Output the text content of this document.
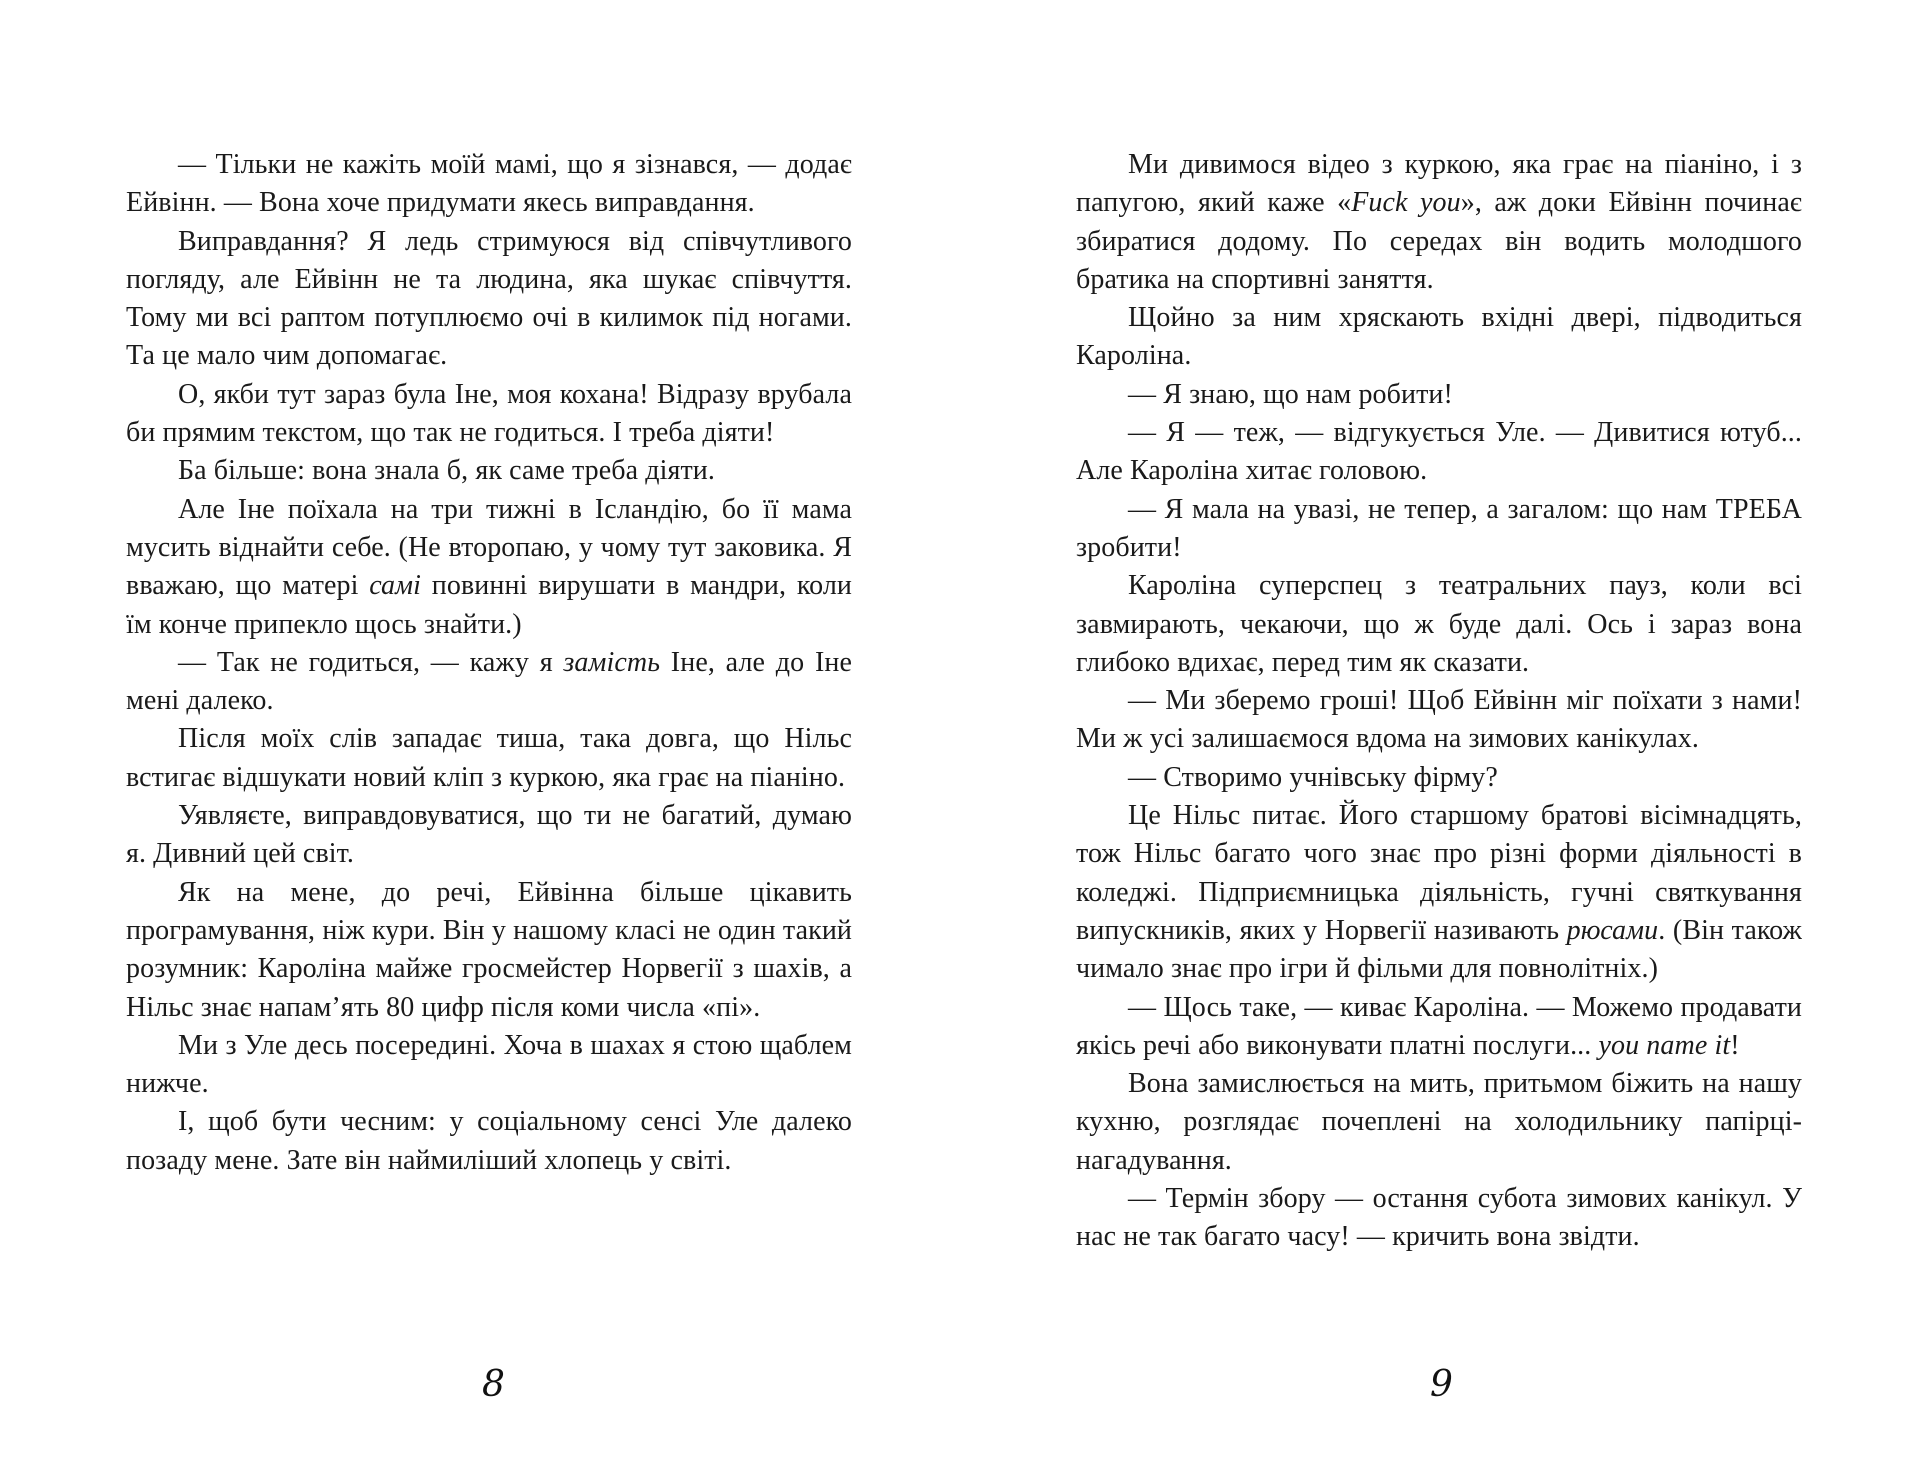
— Тільки не кажіть моїй мамі, що я зізнався, — додає Ейвінн. — Вона хоче придумати якесь виправдання.

Виправдання? Я ледь стримуюся від співчутливого погляду, але Ейвінн не та людина, яка шукає співчуття. Тому ми всі раптом потуплюємо очі в килимок під ногами. Та це мало чим допомагає.

О, якби тут зараз була Іне, моя кохана! Відразу врубала би прямим текстом, що так не годиться. І треба діяти!

Ба більше: вона знала б, як саме треба діяти.

Але Іне поїхала на три тижні в Ісландію, бо її мама мусить віднайти себе. (Не второпаю, у чому тут заковика. Я вважаю, що матері самі повинні вирушати в мандри, коли їм конче припекло щось знайти.)

— Так не годиться, — кажу я замість Іне, але до Іне мені далеко.

Після моїх слів западає тиша, така довга, що Нільс встигає відшукати новий кліп з куркою, яка грає на піаніно.

Уявляєте, виправдовуватися, що ти не багатий, думаю я. Дивний цей світ.

Як на мене, до речі, Ейвінна більше цікавить програмування, ніж кури. Він у нашому класі не один такий розумник: Кароліна майже гросмейстер Норвегії з шахів, а Нільс знає напам’ять 80 цифр після коми числа «пі».

Ми з Уле десь посередині. Хоча в шахах я стою щаблем нижче.

І, щоб бути чесним: у соціальному сенсі Уле далеко позаду мене. Зате він наймиліший хлопець у світі.

Ми дивимося відео з куркою, яка грає на піаніно, і з папугою, який каже «Fuck you», аж доки Ейвінн починає збиратися додому. По середах він водить молодшого братика на спортивні заняття.

Щойно за ним хряскають вхідні двері, підводиться Кароліна.

— Я знаю, що нам робити!

— Я — теж, — відгукується Уле. — Дивитися ютуб... Але Кароліна хитає головою.

— Я мала на увазі, не тепер, а загалом: що нам ТРЕБА зробити!

Кароліна суперспец з театральних пауз, коли всі завмирають, чекаючи, що ж буде далі. Ось і зараз вона глибоко вдихає, перед тим як сказати.

— Ми зберемо гроші! Щоб Ейвінн міг поїхати з нами! Ми ж усі залишаємося вдома на зимових канікулах.

— Створимо учнівську фірму?

Це Нільс питає. Його старшому братові вісімнадцять, тож Нільс багато чого знає про різні форми діяльності в коледжі. Підприємницька діяльність, гучні святкування випускників, яких у Норвегії називають рюсами. (Він також чимало знає про ігри й фільми для повнолітніх.)

— Щось таке, — киває Кароліна. — Можемо продавати якісь речі або виконувати платні послуги... you name it!

Вона замислюється на мить, притьмом біжить на нашу кухню, розглядає почеплені на холодильнику папірці-нагадування.

— Термін збору — остання субота зимових канікул. У нас не так багато часу! — кричить вона звідти.

8	9
